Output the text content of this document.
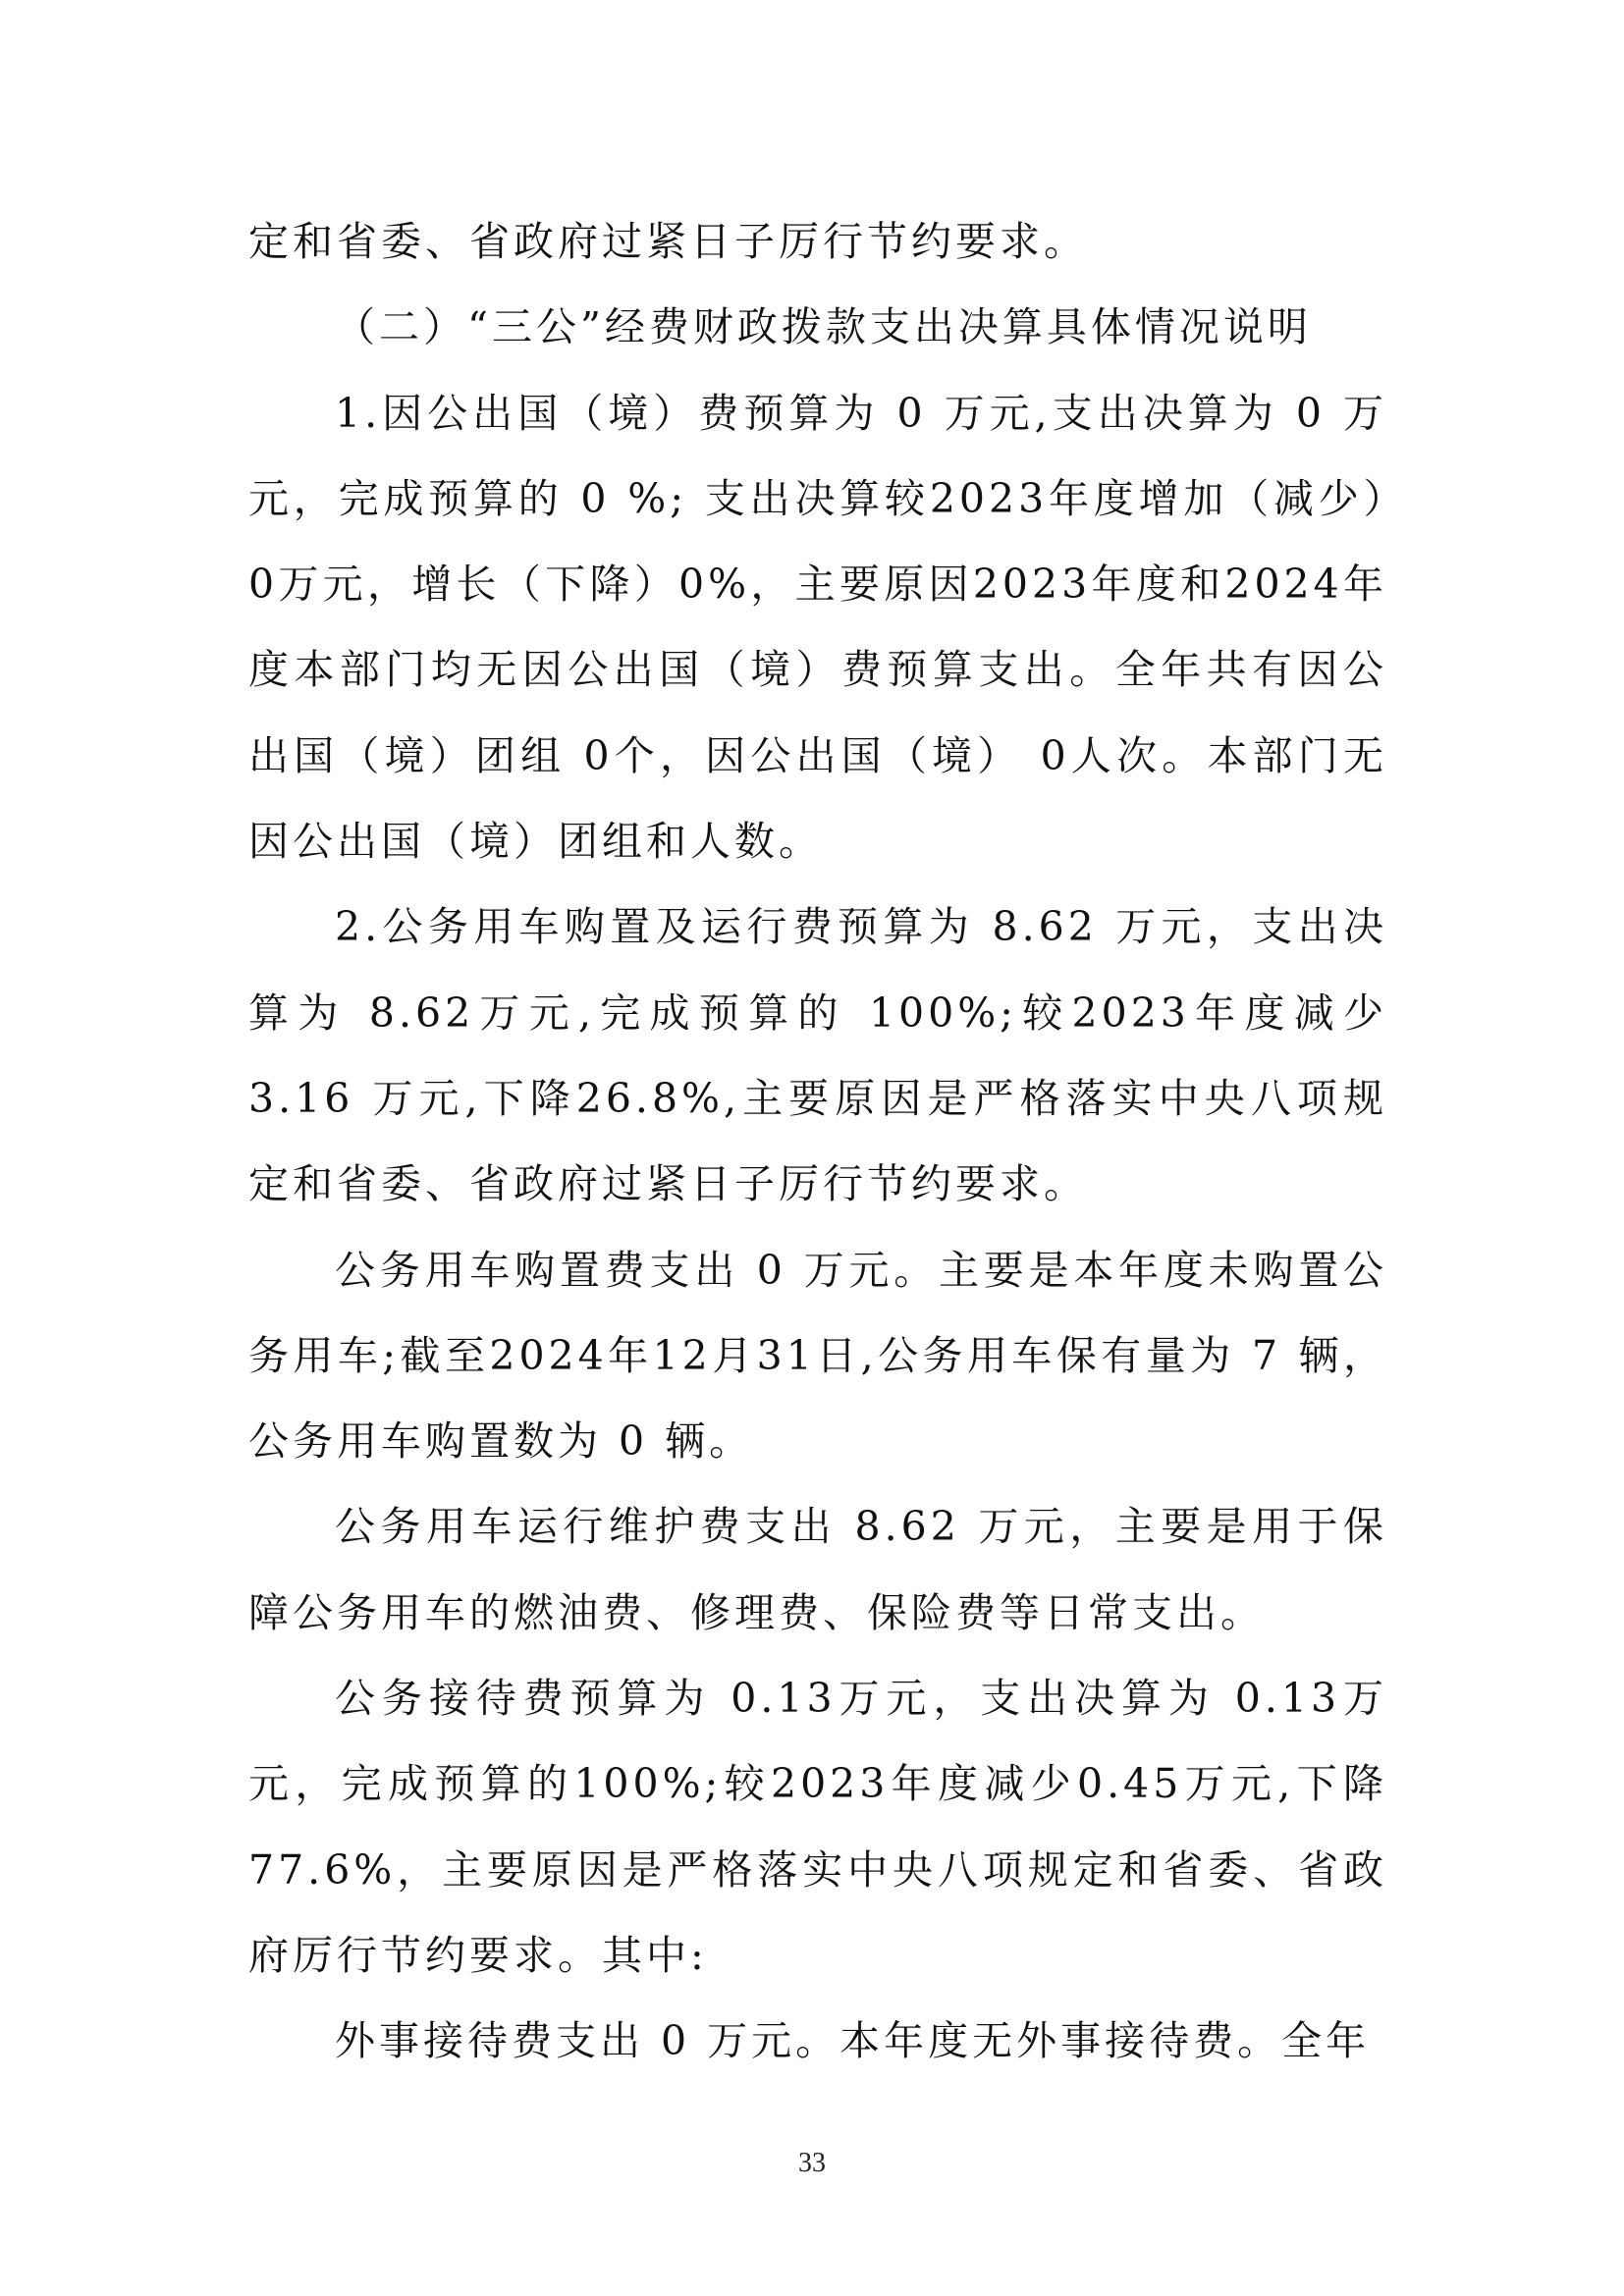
定和省委、省政府过紧日子厉行节约要求。

（二）“三公”经费财政拨款支出决算具体情况说明

1.因公出国（境）费预算为 0 万元,支出决算为 0 万元，完成预算的 0 %; 支出决算较2023年度增加（减少）0万元，增长（下降）0%，主要原因2023年度和2024年度本部门均无因公出国（境）费预算支出。全年共有因公出国（境）团组 0个，因公出国（境） 0人次。本部门无因公出国（境）团组和人数。

2.公务用车购置及运行费预算为 8.62 万元，支出决算为 8.62万元,完成预算的 100%;较2023年度减少3.16 万元,下降26.8%,主要原因是严格落实中央八项规定和省委、省政府过紧日子厉行节约要求。

公务用车购置费支出 0 万元。主要是本年度未购置公务用车;截至2024年12月31日,公务用车保有量为 7 辆，公务用车购置数为 0 辆。

公务用车运行维护费支出 8.62 万元，主要是用于保障公务用车的燃油费、修理费、保险费等日常支出。

公务接待费预算为 0.13万元，支出决算为 0.13万元，完成预算的100%;较2023年度减少0.45万元,下降77.6%，主要原因是严格落实中央八项规定和省委、省政府厉行节约要求。其中:

外事接待费支出 0 万元。本年度无外事接待费。全年

33
